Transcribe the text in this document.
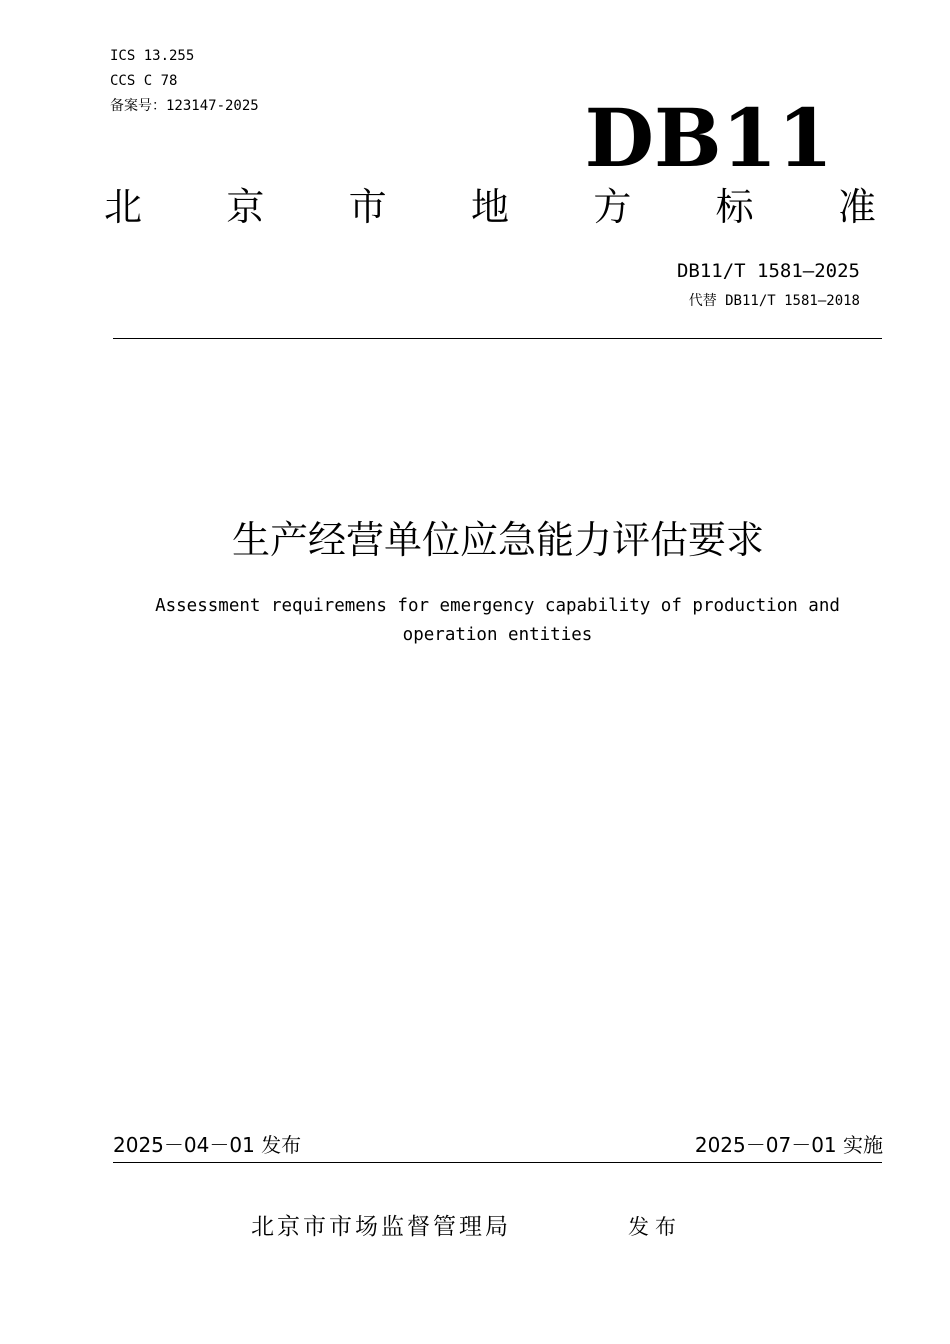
ICS 13.255
CCS C 78
备案号：123147-2025	DB11
北 京 市 地 方 标 准
DB11/T 1581—2025
代替 DB11/T 1581—2018
生产经营单位应急能力评估要求
Assessment requiremens for emergency capability of production and operation entities
2025－04－01 发布	2025－07－01 实施
北京市市场监督管理局	发布
